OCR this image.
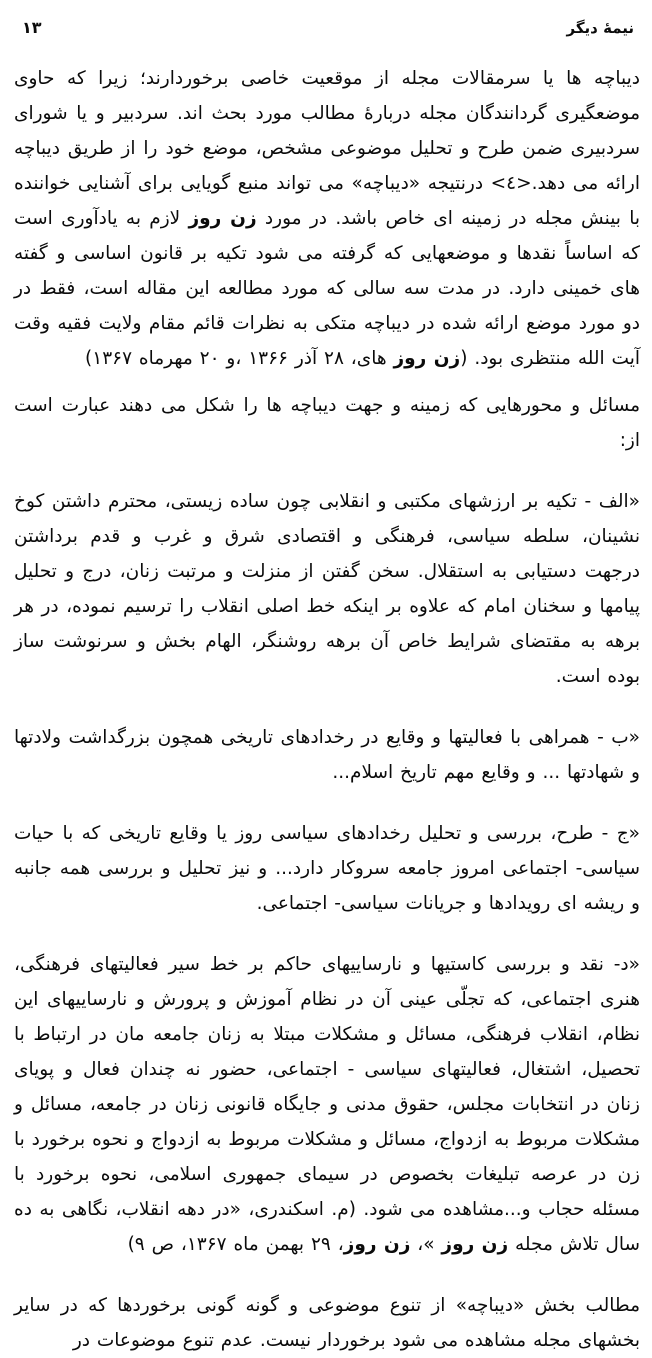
نيمهٔ ديگر
۱۳

ديباچه ها يا سرمقالات مجله از موقعيت خاصى برخوردارند؛ زيرا كه حاوى موضعگيرى گردانندگان مجله دربارهٔ مطالب مورد بحث اند. سردبير و يا شوراى سردبيرى ضمن طرح و تحليل موضوعى مشخص، موضع خود را از طريق ديباچه ارائه مى دهد.<٤> درنتيجه «ديباچه» مى تواند منبع گويايى براى آشنايى خواننده با بينش مجله در زمينه اى خاص باشد. در مورد زن روز لازم به يادآورى است كه اساساً نقدها و موضعهايى كه گرفته مى شود تكيه بر قانون اساسى و گفته هاى خمينى دارد. در مدت سه سالى كه مورد مطالعه اين مقاله است، فقط در دو مورد موضع ارائه شده در ديباچه متكى به نظرات قائم مقام ولايت فقيه وقت آيت الله منتظرى بود. (زن روز هاى، ۲۸ آذر ۱۳۶۶ ،و ۲۰ مهرماه ۱۳۶۷)

مسائل و محورهايى كه زمينه و جهت ديباچه ها را شكل مى دهند عبارت است از:

«الف - تكيه بر ارزشهاى مكتبى و انقلابى چون ساده زيستى، محترم داشتن كوخ نشينان، سلطه سياسى، فرهنگى و اقتصادى شرق و غرب و قدم برداشتن درجهت دستيابى به استقلال. سخن گفتن از منزلت و مرتبت زنان، درج و تحليل پيامها و سخنان امام كه علاوه بر اينكه خط اصلى انقلاب را ترسيم نموده، در هر برهه به مقتضاى شرايط خاص آن برهه روشنگر، الهام بخش و سرنوشت ساز بوده است.

«ب - همراهى با فعاليتها و وقايع در رخدادهاى تاريخى همچون بزرگداشت ولادتها و شهادتها ... و وقايع مهم تاريخ اسلام...

«ج - طرح، بررسى و تحليل رخدادهاى سياسى روز يا وقايع تاريخى كه با حيات سياسى- اجتماعى امروز جامعه سروكار دارد... و نيز تحليل و بررسى همه جانبه و ريشه اى رويدادها و جريانات سياسى- اجتماعى.

«د- نقد و بررسى كاستيها و نارساييهاى حاكم بر خط سير فعاليتهاى فرهنگى، هنرى اجتماعى، كه تجلّى عينى آن در نظام آموزش و پرورش و نارساييهاى اين نظام، انقلاب فرهنگى، مسائل و مشكلات مبتلا به زنان جامعه مان در ارتباط با تحصيل، اشتغال، فعاليتهاى سياسى - اجتماعى، حضور نه چندان فعال و پوياى زنان در انتخابات مجلس، حقوق مدنى و جايگاه قانونى زنان در جامعه، مسائل و مشكلات مربوط به ازدواج، مسائل و مشكلات مربوط به ازدواج و نحوه برخورد با زن در عرصه تبليغات بخصوص در سيماى جمهورى اسلامى، نحوه برخورد با مسئله حجاب و...مشاهده مى شود. (م. اسكندرى، «در دهه انقلاب، نگاهى به ده سال تلاش مجله زن روز »، زن روز، ۲۹ بهمن ماه ۱۳۶۷، ص ۹)

مطالب بخش «ديباچه» از تنوع موضوعى و گونه گونى برخوردها كه در ساير بخشهاى مجله مشاهده مى شود برخوردار نيست. عدم تنوع موضوعات در
